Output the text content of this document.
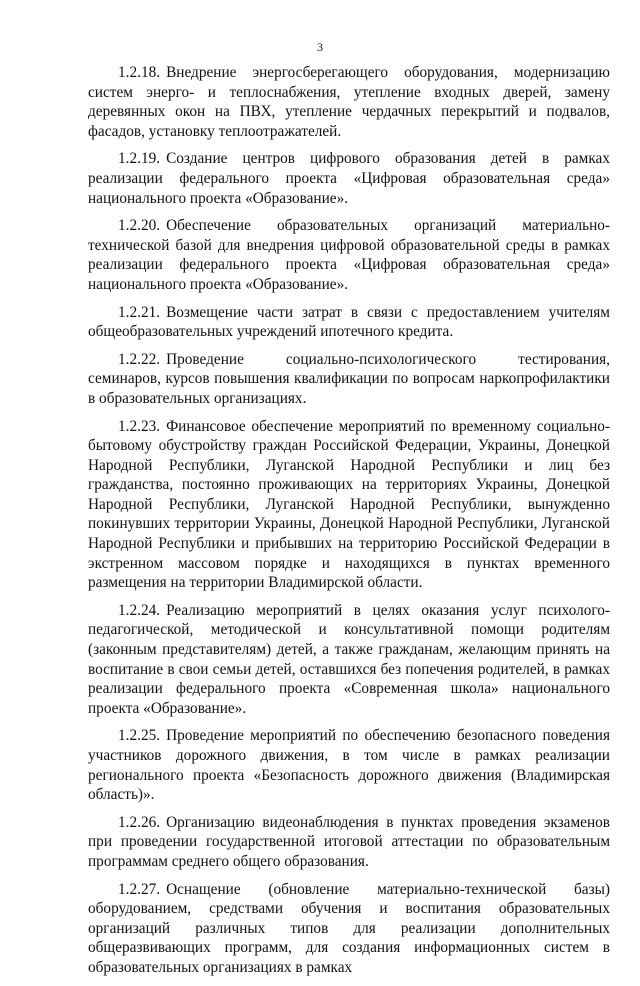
3

1.2.18. Внедрение энергосберегающего оборудования, модернизацию систем энерго- и теплоснабжения, утепление входных дверей, замену деревянных окон на ПВХ, утепление чердачных перекрытий и подвалов, фасадов, установку теплоотражателей.

1.2.19. Создание центров цифрового образования детей в рамках реализации федерального проекта «Цифровая образовательная среда» национального проекта «Образование».

1.2.20. Обеспечение образовательных организаций материально-технической базой для внедрения цифровой образовательной среды в рамках реализации федерального проекта «Цифровая образовательная среда» национального проекта «Образование».

1.2.21. Возмещение части затрат в связи с предоставлением учителям общеобразовательных учреждений ипотечного кредита.

1.2.22. Проведение социально-психологического тестирования, семинаров, курсов повышения квалификации по вопросам наркопрофилактики в образовательных организациях.

1.2.23. Финансовое обеспечение мероприятий по временному социально-бытовому обустройству граждан Российской Федерации, Украины, Донецкой Народной Республики, Луганской Народной Республики и лиц без гражданства, постоянно проживающих на территориях Украины, Донецкой Народной Республики, Луганской Народной Республики, вынужденно покинувших территории Украины, Донецкой Народной Республики, Луганской Народной Республики и прибывших на территорию Российской Федерации в экстренном массовом порядке и находящихся в пунктах временного размещения на территории Владимирской области.

1.2.24. Реализацию мероприятий в целях оказания услуг психолого-педагогической, методической и консультативной помощи родителям (законным представителям) детей, а также гражданам, желающим принять на воспитание в свои семьи детей, оставшихся без попечения родителей, в рамках реализации федерального проекта «Современная школа» национального проекта «Образование».

1.2.25. Проведение мероприятий по обеспечению безопасного поведения участников дорожного движения, в том числе в рамках реализации регионального проекта «Безопасность дорожного движения (Владимирская область)».

1.2.26. Организацию видеонаблюдения в пунктах проведения экзаменов при проведении государственной итоговой аттестации по образовательным программам среднего общего образования.

1.2.27. Оснащение (обновление материально-технической базы) оборудованием, средствами обучения и воспитания образовательных организаций различных типов для реализации дополнительных общеразвивающих программ, для создания информационных систем в образовательных организациях в рамках
